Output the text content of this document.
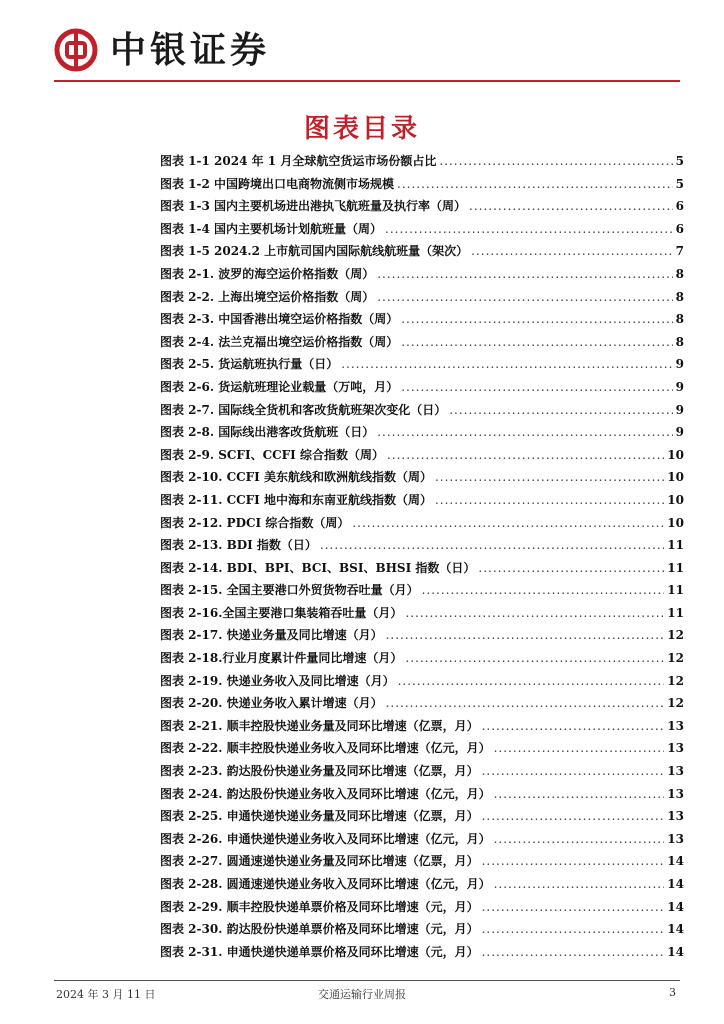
中银证券
图表目录
图表 1-1 2024 年 1 月全球航空货运市场份额占比 .....	5
图表 1-2 中国跨境出口电商物流侧市场规模 .....	5
图表 1-3 国内主要机场进出港执飞航班量及执行率（周） .....	6
图表 1-4 国内主要机场计划航班量（周） .....	6
图表 1-5 2024.2 上市航司国内国际航线航班量（架次） .....	7
图表 2-1. 波罗的海空运价格指数（周） .....	8
图表 2-2. 上海出境空运价格指数（周） .....	8
图表 2-3. 中国香港出境空运价格指数（周） .....	8
图表 2-4. 法兰克福出境空运价格指数（周） .....	8
图表 2-5. 货运航班执行量（日） .....	9
图表 2-6. 货运航班理论业载量（万吨，月） .....	9
图表 2-7. 国际线全货机和客改货航班架次变化（日） .....	9
图表 2-8. 国际线出港客改货航班（日） .....	9
图表 2-9. SCFI、CCFI 综合指数（周） .....	10
图表 2-10. CCFI 美东航线和欧洲航线指数（周） .....	10
图表 2-11. CCFI 地中海和东南亚航线指数（周） .....	10
图表 2-12. PDCI 综合指数（周） .....	10
图表 2-13. BDI 指数（日） .....	11
图表 2-14. BDI、BPI、BCI、BSI、BHSI 指数（日） .....	11
图表 2-15. 全国主要港口外贸货物吞吐量（月） .....	11
图表 2-16.全国主要港口集装箱吞吐量（月） .....	11
图表 2-17. 快递业务量及同比增速（月） .....	12
图表 2-18.行业月度累计件量同比增速（月） .....	12
图表 2-19. 快递业务收入及同比增速（月） .....	12
图表 2-20. 快递业务收入累计增速（月） .....	12
图表 2-21. 顺丰控股快递业务量及同环比增速（亿票，月） .....	13
图表 2-22. 顺丰控股快递业务收入及同环比增速（亿元，月） .....	13
图表 2-23. 韵达股份快递业务量及同环比增速（亿票，月） .....	13
图表 2-24. 韵达股份快递业务收入及同环比增速（亿元，月） .....	13
图表 2-25. 申通快递快递业务量及同环比增速（亿票，月） .....	13
图表 2-26. 申通快递快递业务收入及同环比增速（亿元，月） .....	13
图表 2-27. 圆通速递快递业务量及同环比增速（亿票，月） .....	14
图表 2-28. 圆通速递快递业务收入及同环比增速（亿元，月） .....	14
图表 2-29. 顺丰控股快递单票价格及同环比增速（元，月） .....	14
图表 2-30. 韵达股份快递单票价格及同环比增速（元，月） .....	14
图表 2-31. 申通快递快递单票价格及同环比增速（元，月） .....	14
2024 年 3 月 11 日	交通运输行业周报	3
